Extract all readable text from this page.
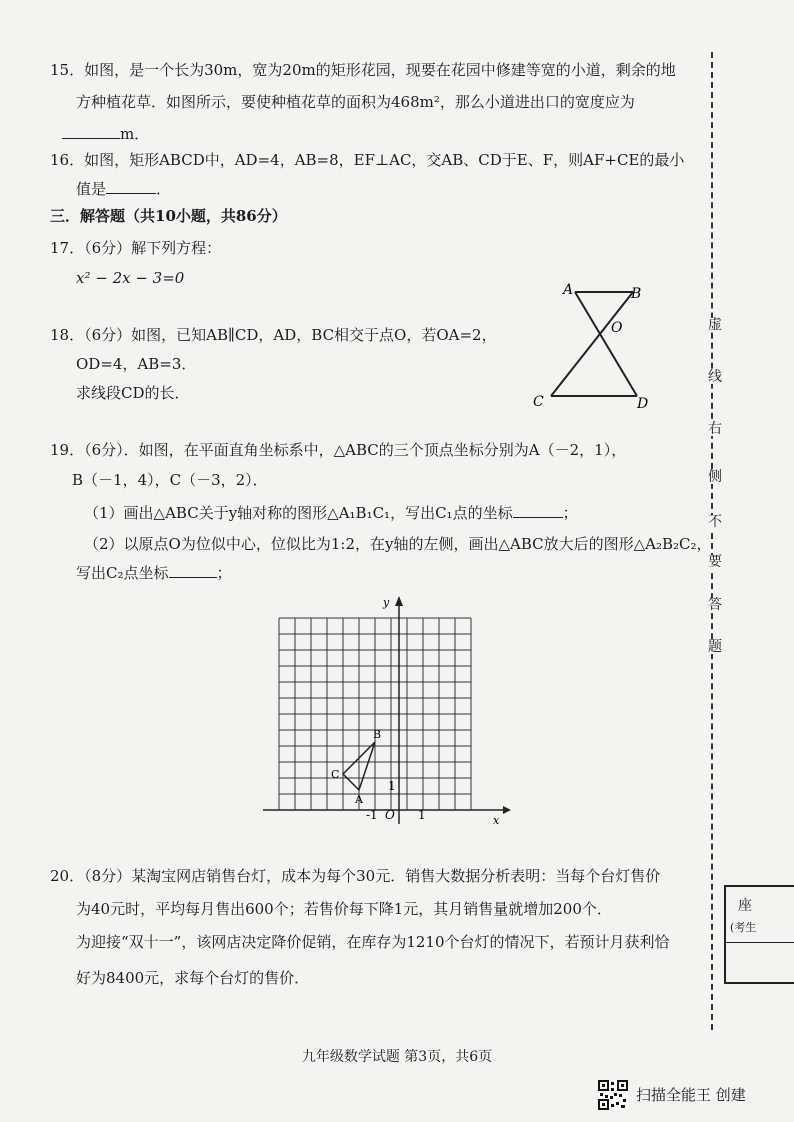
15．如图，是一个长为30m，宽为20m的矩形花园，现要在花园中修建等宽的小道，剩余的地
方种植花草．如图所示，要使种植花草的面积为468m²，那么小道进出口的宽度应为
m．
16．如图，矩形ABCD中，AD=4，AB=8，EF⊥AC，交AB、CD于E、F，则AF+CE的最小
值是	．
三．解答题（共10小题，共86分）
17．（6分）解下列方程：
x² − 2x − 3=0
18．（6分）如图，已知AB∥CD，AD，BC相交于点O，若OA=2，
OD=4，AB=3．
求线段CD的长．
A	B
O
C	D
19．（6分）．如图，在平面直角坐标系中，△ABC的三个顶点坐标分别为A（－2，1），
B（－1，4），C（－3，2）．
（1）画出△ABC关于y轴对称的图形△A₁B₁C₁，写出C₁点的坐标	；
（2）以原点O为位似中心，位似比为1:2，在y轴的左侧，画出△ABC放大后的图形△A₂B₂C₂，
写出C₂点坐标	；
y
x
O
-1	1
1
B
C
A
20．（8分）某淘宝网店销售台灯，成本为每个30元．销售大数据分析表明：当每个台灯售价
为40元时，平均每月售出600个；若售价每下降1元，其月销售量就增加200个．
为迎接“双十一”，该网店决定降价促销，在库存为1210个台灯的情况下，若预计月获利恰
好为8400元，求每个台灯的售价．
虚
线
右
侧
不
要
答
题
座
(考生
九年级数学试题 第3页，共6页
扫描全能王 创建
